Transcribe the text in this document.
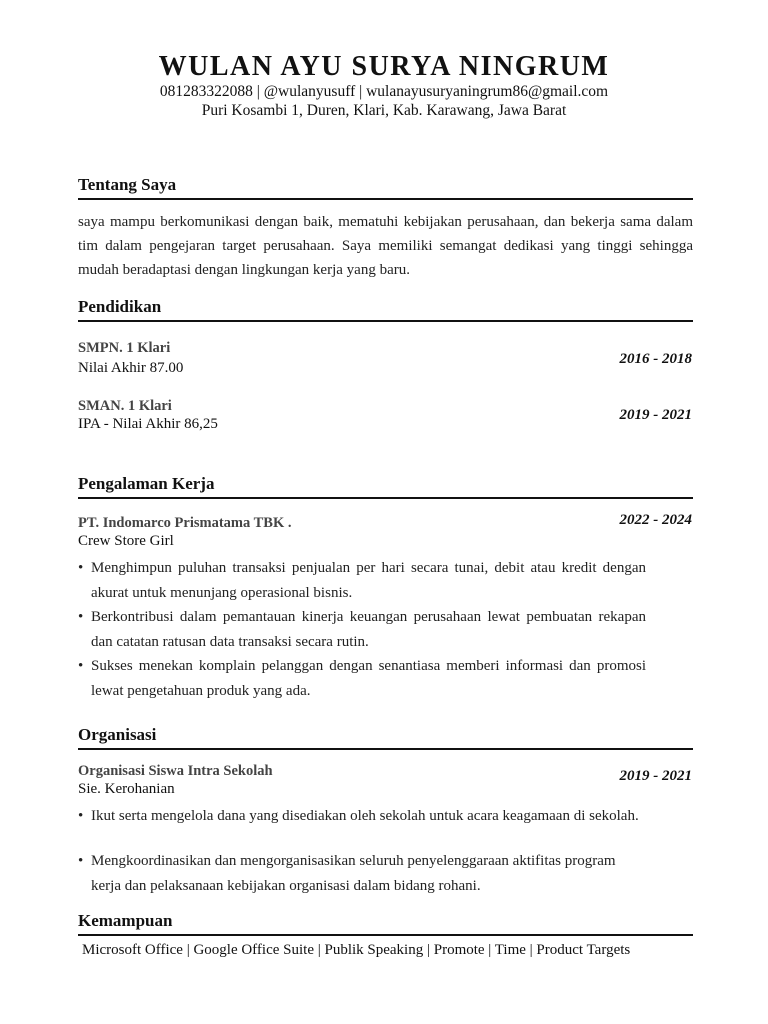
WULAN AYU SURYA NINGRUM
081283322088 | @wulanyusuff | wulanayusuryaningrum86@gmail.com
Puri Kosambi 1, Duren, Klari, Kab. Karawang, Jawa Barat
Tentang Saya
saya mampu berkomunikasi dengan baik, mematuhi kebijakan perusahaan, dan bekerja sama dalam tim dalam pengejaran target perusahaan. Saya memiliki semangat dedikasi yang tinggi sehingga mudah beradaptasi dengan lingkungan kerja yang baru.
Pendidikan
SMPN. 1 Klari
Nilai Akhir 87.00
2016 - 2018
SMAN. 1 Klari
IPA - Nilai Akhir 86,25
2019 - 2021
Pengalaman Kerja
PT. Indomarco Prismatama TBK .	2022 - 2024
Crew Store Girl
• Menghimpun puluhan transaksi penjualan per hari secara tunai, debit atau kredit dengan akurat untuk menunjang operasional bisnis.
• Berkontribusi dalam pemantauan kinerja keuangan perusahaan lewat pembuatan rekapan dan catatan ratusan data transaksi secara rutin.
• Sukses menekan komplain pelanggan dengan senantiasa memberi informasi dan promosi lewat pengetahuan produk yang ada.
Organisasi
Organisasi Siswa Intra Sekolah	2019 - 2021
Sie. Kerohanian
• Ikut serta mengelola dana yang disediakan oleh sekolah untuk acara keagamaan di sekolah.
• Mengkoordinasikan dan mengorganisasikan seluruh penyelenggaraan aktifitas program kerja dan pelaksanaan kebijakan organisasi dalam bidang rohani.
Kemampuan
Microsoft Office | Google Office Suite | Publik Speaking | Promote | Time | Product Targets
